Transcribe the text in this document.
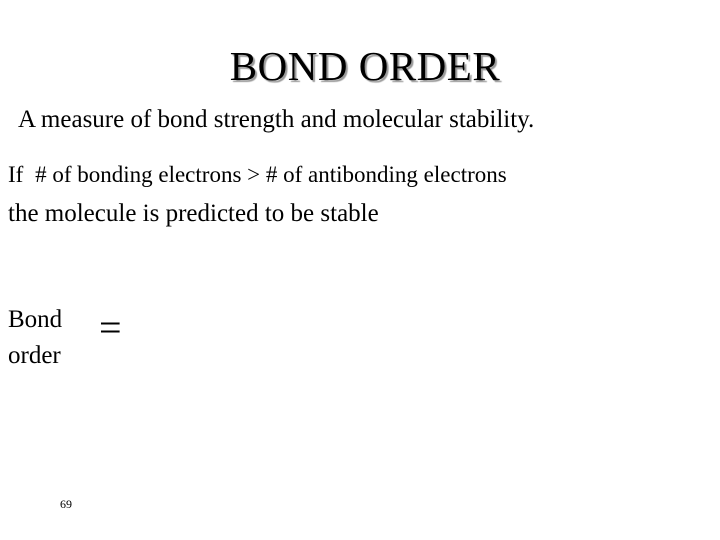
BOND ORDER
A measure of bond strength and molecular stability.
If # of bonding electrons > # of antibonding electrons
the molecule is predicted to be stable
Bond
order
=
69
